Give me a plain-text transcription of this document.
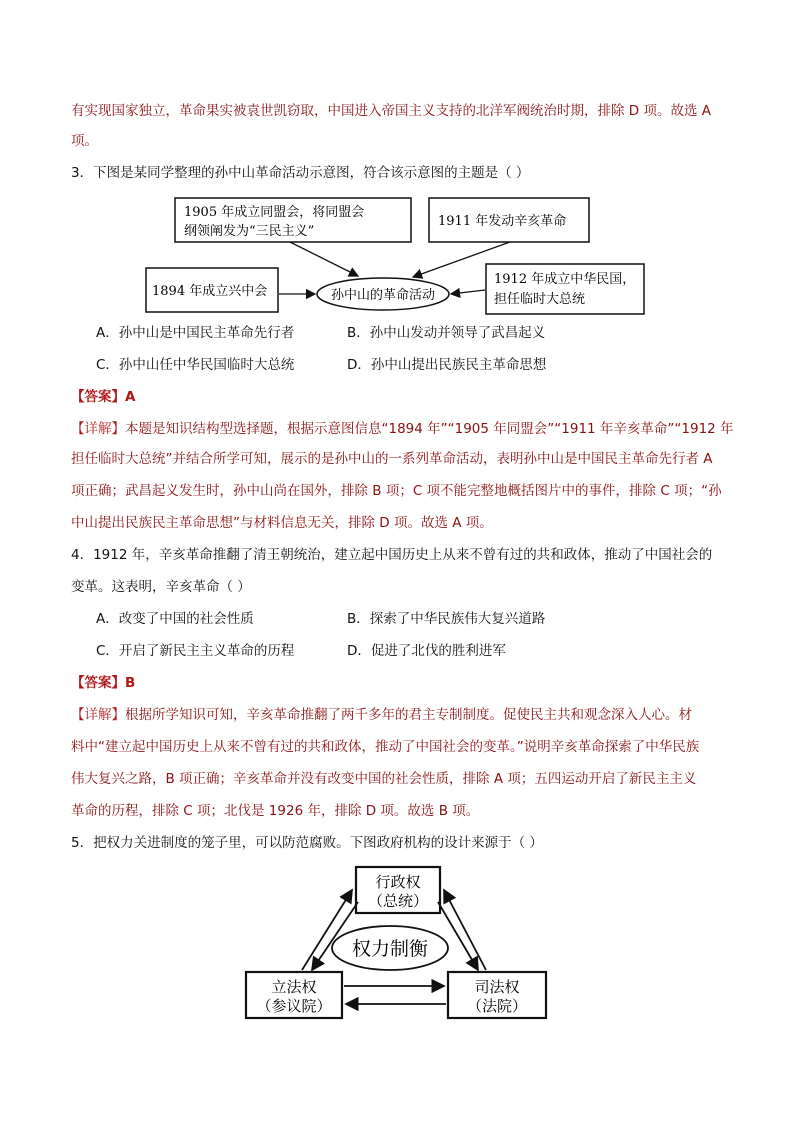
有实现国家独立，革命果实被袁世凯窃取，中国进入帝国主义支持的北洋军阀统治时期，排除 D 项。故选 A
项。
3．下图是某同学整理的孙中山革命活动示意图，符合该示意图的主题是（ ）
1905 年成立同盟会，将同盟会
纲领阐发为“三民主义”
1911 年发动辛亥革命
1894 年成立兴中会
1912 年成立中华民国，
担任临时大总统
孙中山的革命活动
A．孙中山是中国民主革命先行者	B．孙中山发动并领导了武昌起义
C．孙中山任中华民国临时大总统	D．孙中山提出民族民主革命思想
【答案】A
【详解】本题是知识结构型选择题，根据示意图信息“1894 年”“1905 年同盟会”“1911 年辛亥革命”“1912 年
担任临时大总统”并结合所学可知，展示的是孙中山的一系列革命活动，表明孙中山是中国民主革命先行者 A
项正确；武昌起义发生时，孙中山尚在国外，排除 B 项；C 项不能完整地概括图片中的事件，排除 C 项；“孙
中山提出民族民主革命思想”与材料信息无关，排除 D 项。故选 A 项。
4．1912 年，辛亥革命推翻了清王朝统治，建立起中国历史上从来不曾有过的共和政体，推动了中国社会的
变革。这表明，辛亥革命（ ）
A．改变了中国的社会性质	B．探索了中华民族伟大复兴道路
C．开启了新民主主义革命的历程	D．促进了北伐的胜利进军
【答案】B
【详解】根据所学知识可知，辛亥革命推翻了两千多年的君主专制制度。促使民主共和观念深入人心。材
料中“建立起中国历史上从来不曾有过的共和政体，推动了中国社会的变革。”说明辛亥革命探索了中华民族
伟大复兴之路，B 项正确；辛亥革命并没有改变中国的社会性质，排除 A 项；五四运动开启了新民主主义
革命的历程，排除 C 项；北伐是 1926 年，排除 D 项。故选 B 项。
5．把权力关进制度的笼子里，可以防范腐败。下图政府机构的设计来源于（ ）
行政权
（总统）
立法权
（参议院）
司法权
（法院）
权力制衡
